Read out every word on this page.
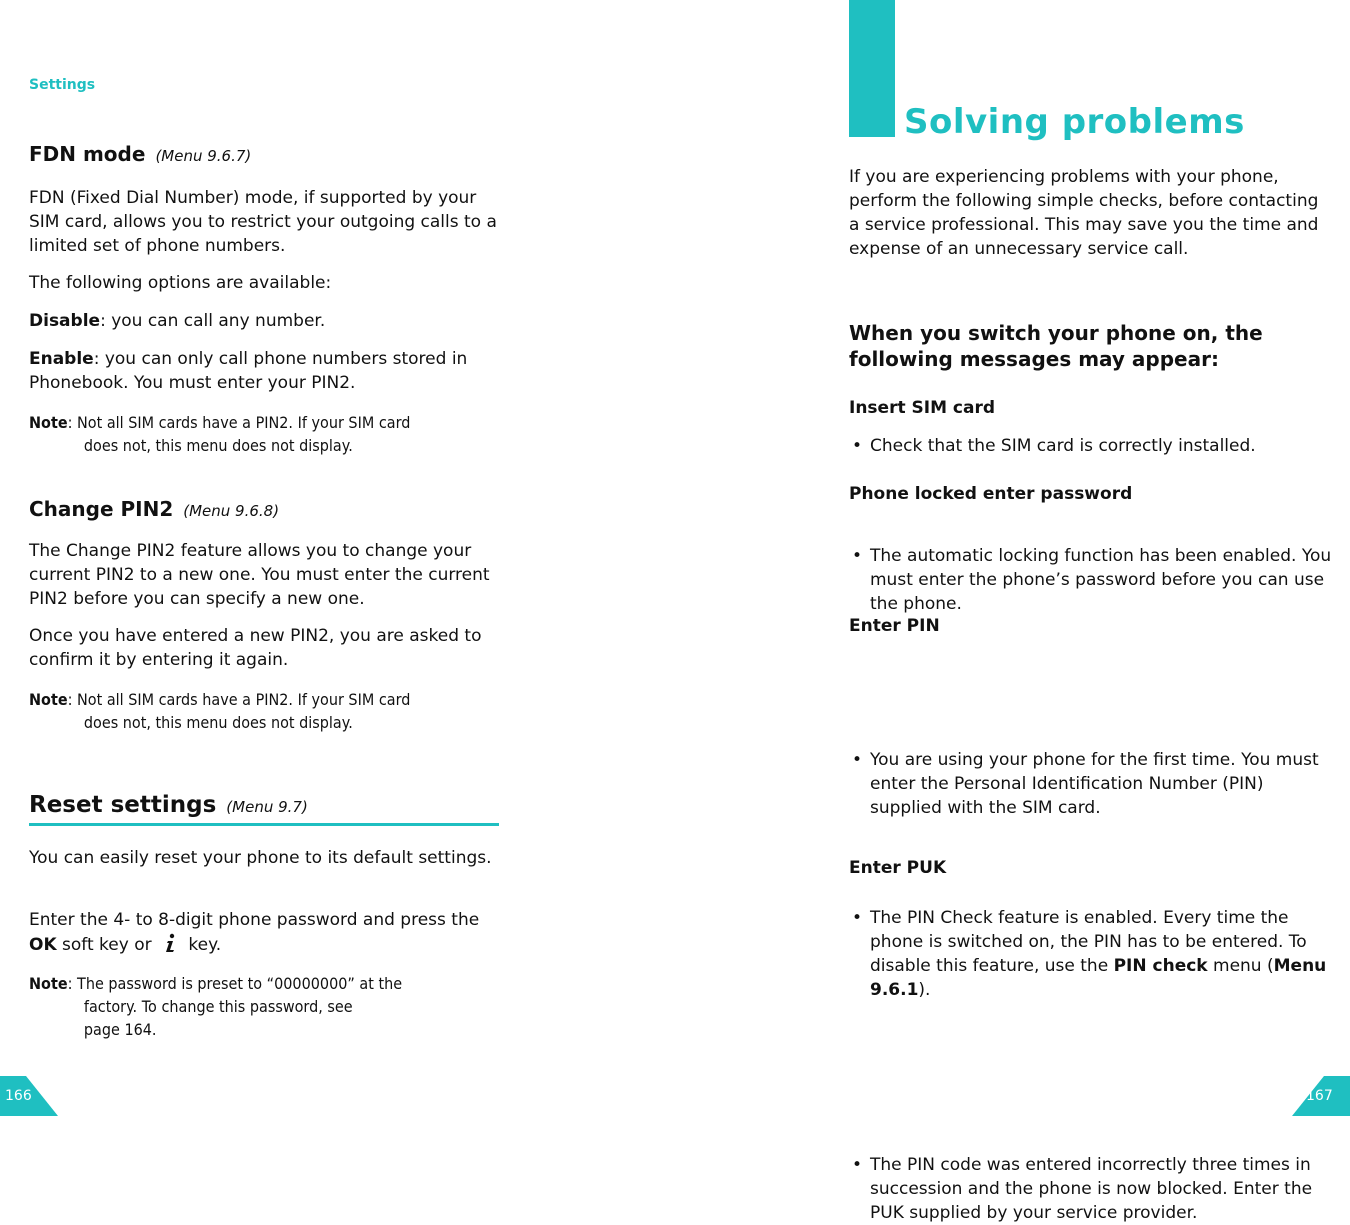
Settings
FDN mode (Menu 9.6.7)

FDN (Fixed Dial Number) mode, if supported by your SIM card, allows you to restrict your outgoing calls to a limited set of phone numbers.

The following options are available:

Disable: you can call any number.

Enable: you can only call phone numbers stored in Phonebook. You must enter your PIN2.

Note: Not all SIM cards have a PIN2. If your SIM card
does not, this menu does not display.
Change PIN2 (Menu 9.6.8)

The Change PIN2 feature allows you to change your current PIN2 to a new one. You must enter the current PIN2 before you can specify a new one.

Once you have entered a new PIN2, you are asked to confirm it by entering it again.

Note: Not all SIM cards have a PIN2. If your SIM card
does not, this menu does not display.
Reset settings (Menu 9.7)

You can easily reset your phone to its default settings.

Enter the 4- to 8-digit phone password and press the OK soft key or  key.

Note: The password is preset to “00000000” at the
factory. To change this password, see
page 164.
166
Solving problems

If you are experiencing problems with your phone, perform the following simple checks, before contacting a service professional. This may save you the time and expense of an unnecessary service call.

When you switch your phone on, the following messages may appear:
Insert SIM card
• Check that the SIM card is correctly installed.
Phone locked enter password
• The automatic locking function has been enabled. You must enter the phone’s password before you can use the phone.
Enter PIN
• You are using your phone for the first time. You must enter the Personal Identification Number (PIN) supplied with the SIM card.
• The PIN Check feature is enabled. Every time the phone is switched on, the PIN has to be entered. To disable this feature, use the PIN check menu (Menu 9.6.1).
Enter PUK
• The PIN code was entered incorrectly three times in succession and the phone is now blocked. Enter the PUK supplied by your service provider.
167
